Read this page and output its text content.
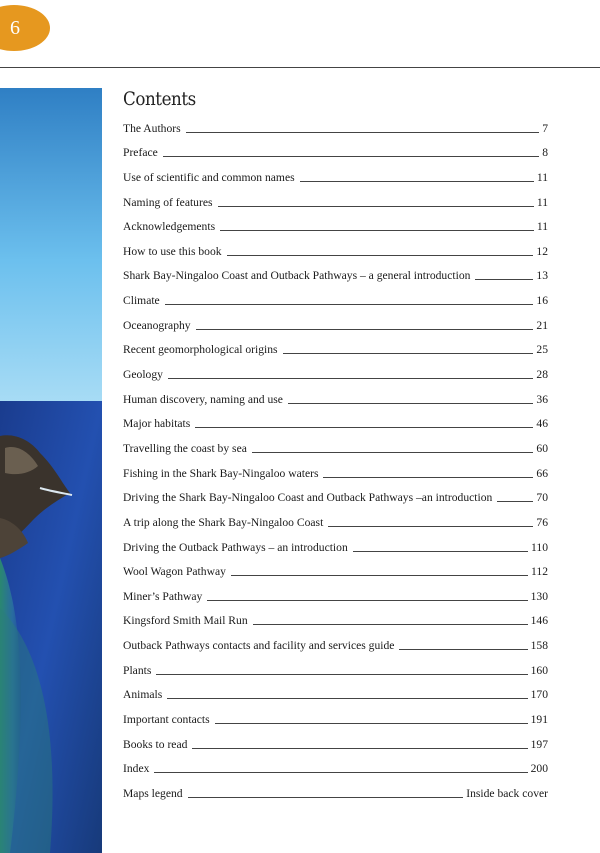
6
Contents
The Authors	7
Preface	8
Use of scientific and common names	11
Naming of features	11
Acknowledgements	11
How to use this book	12
Shark Bay-Ningaloo Coast and Outback Pathways – a general introduction	13
Climate	16
Oceanography	21
Recent geomorphological origins	25
Geology	28
Human discovery, naming and use	36
Major habitats	46
Travelling the coast by sea	60
Fishing in the Shark Bay-Ningaloo waters	66
Driving the Shark Bay-Ningaloo Coast and Outback Pathways –an introduction	70
A trip along the Shark Bay-Ningaloo Coast	76
Driving the Outback Pathways – an introduction	110
Wool Wagon Pathway	112
Miner’s Pathway	130
Kingsford Smith Mail Run	146
Outback Pathways contacts and facility and services guide	158
Plants	160
Animals	170
Important contacts	191
Books to read	197
Index	200
Maps legend	Inside back cover
